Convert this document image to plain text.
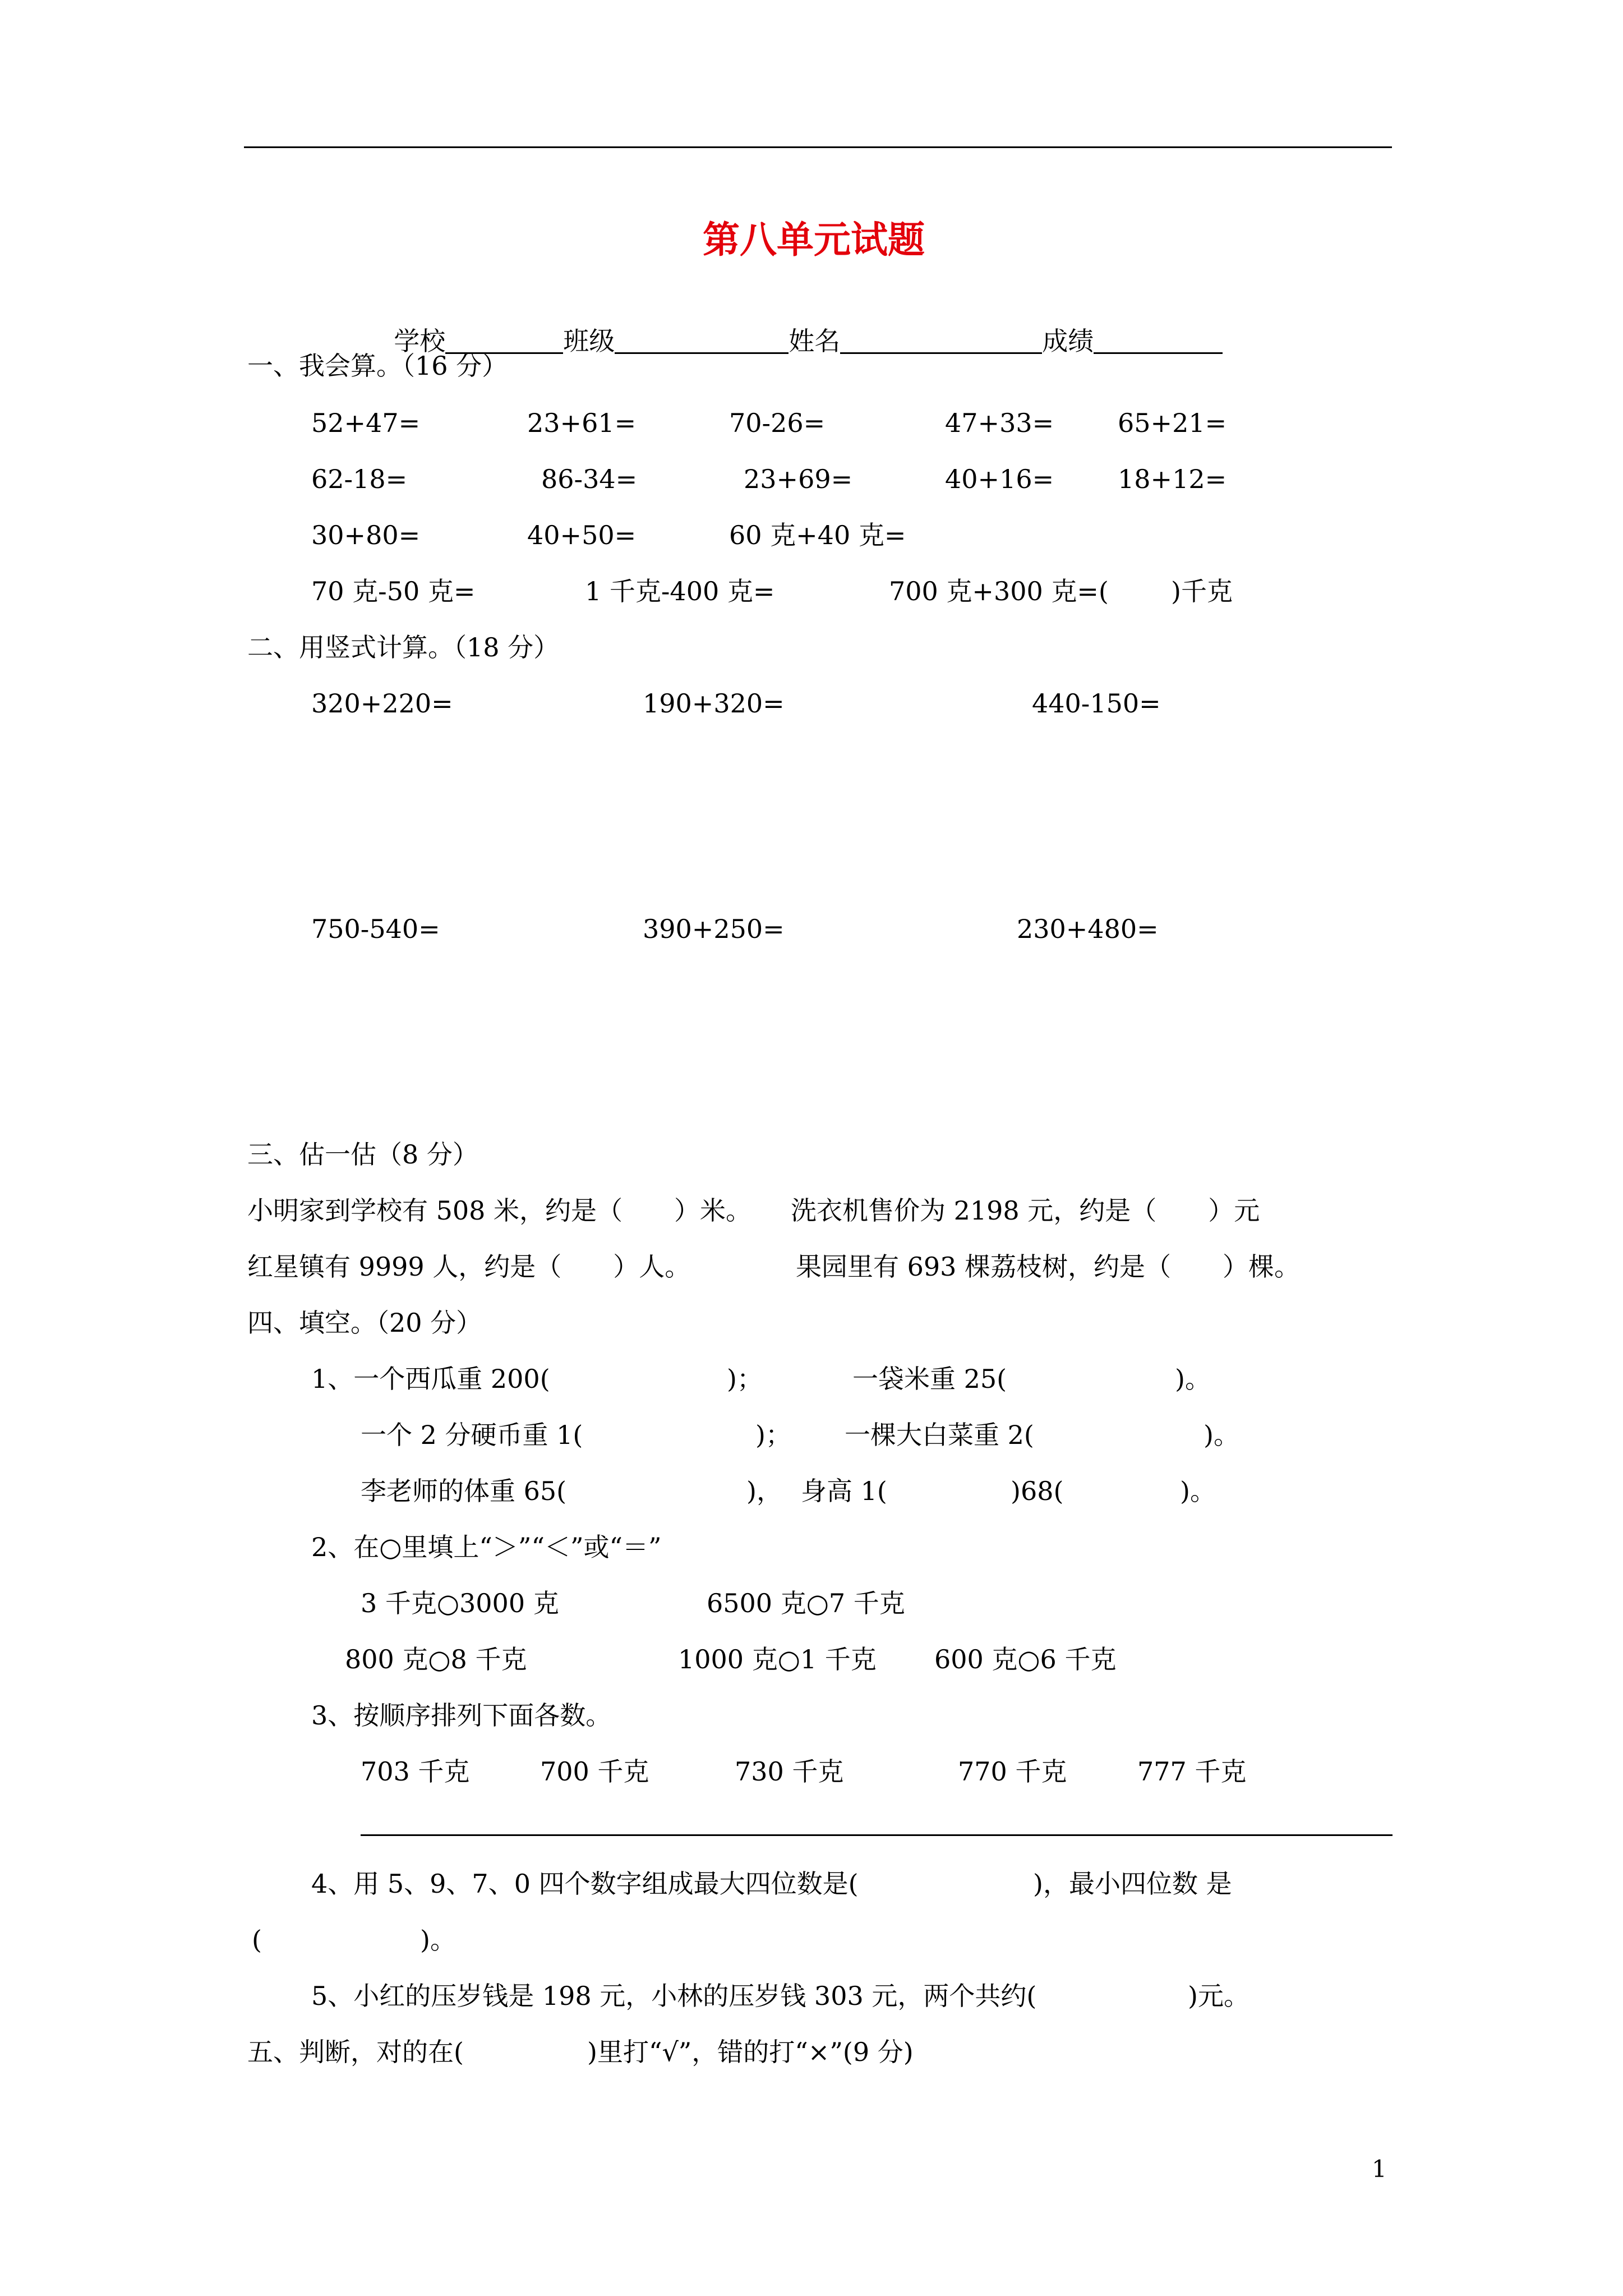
第八单元试题

学校	班级	姓名	成绩

一、我会算。（16 分）
52+47=	23+61=	70-26=	47+33= 65+21=
62-18=	86-34=	23+69=	40+16= 18+12=
30+80=	40+50=	60 克+40 克=
70 克-50 克=	1 千克-400 克=	700 克+300 克=( )千克
二、用竖式计算。（18 分）
320+220=	190+320=	440-150=
750-540=	390+250=	230+480=
三、估一估（8 分）
小明家到学校有 508 米，约是（　　）米。 洗衣机售价为 2198 元，约是（　　）元
红星镇有 9999 人，约是（　　）人。	果园里有 693 棵荔枝树，约是（　　）棵。
四、填空。（20 分）
1、一个西瓜重 200(	)；	一袋米重 25(	)。
一个 2 分硬币重 1(	)； 一棵大白菜重 2(	)。
李老师的体重 65(	)， 身高 1(	)68(	)。
2、在○里填上“＞”“＜”或“＝”
3 千克○3000 克	6500 克○7 千克
800 克○8 千克	1000 克○1 千克 600 克○6 千克
3、按顺序排列下面各数。
703 千克	700 千克	730 千克	770 千克	777 千克
4、用 5、9、7、0 四个数字组成最大四位数是(	)，最小四位数 是
(	)。
5、小红的压岁钱是 198 元，小林的压岁钱 303 元，两个共约(	)元。
五、判断，对的在(	)里打“√”，错的打“×”(9 分)
1
